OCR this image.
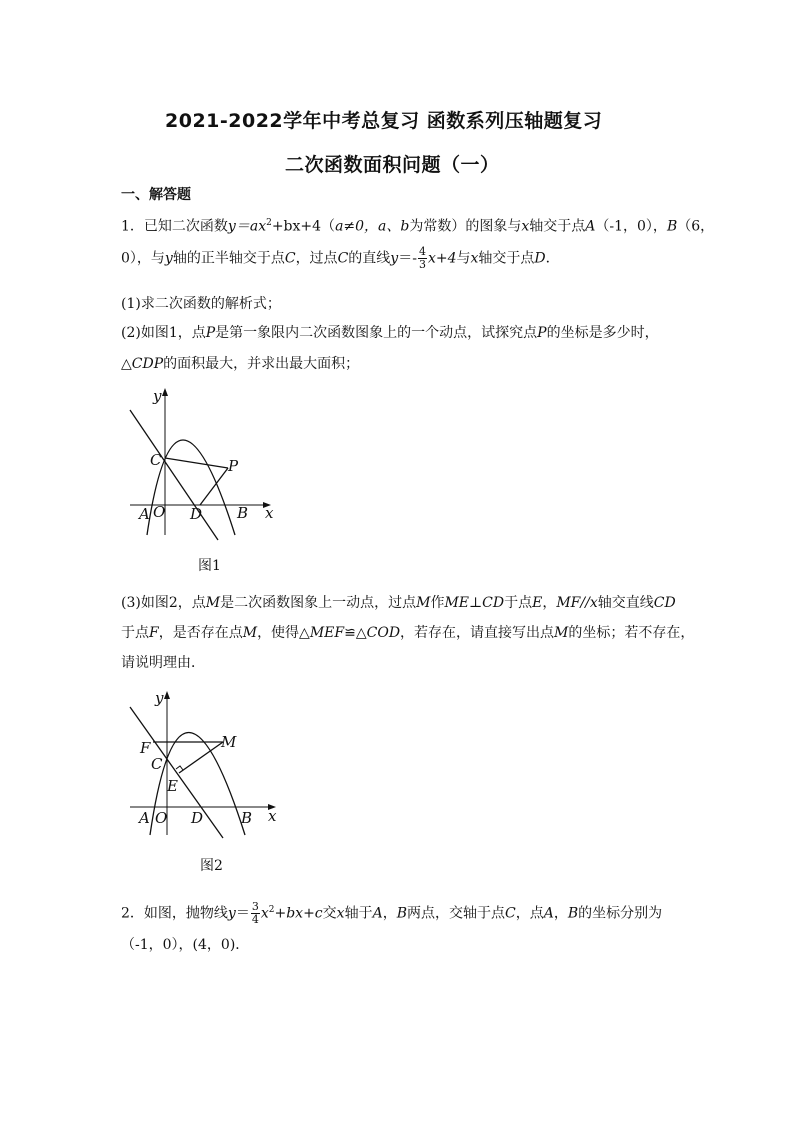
2021-2022学年中考总复习 函数系列压轴题复习
二次函数面积问题（一）
一、解答题
1．已知二次函数$y=ax^2+bx+4(a\ne 0$，a、b为常数）的图象与x轴交于点A（-1，0），B（6，
0），与y轴的正半轴交于点C，过点C的直线$y=- \frac{4}{3} x+4$与x轴交于点D．
(1)求二次函数的解析式；
(2)如图1，点P是第一象限内二次函数图象上的一个动点，试探究点P的坐标是多少时，
△CDP的面积最大，并求出最大面积；
y
x
C	P
A O D B
图1
(3)如图2，点M是二次函数图象上一动点，过点M作ME⊥CD于点E，MF//x轴交直线CD
于点F，是否存在点M，使得△MEF≌△COD，若存在，请直接写出点M的坐标；若不存在，
请说明理由．
y
x
F	M
C
E
A O D	B
图2
2．如图，抛物线$y= \frac{3}{4} x^2+bx+c$交x轴于A，B两点，交轴于点C，点A，B的坐标分别为
（-1，0），(4，0)．
